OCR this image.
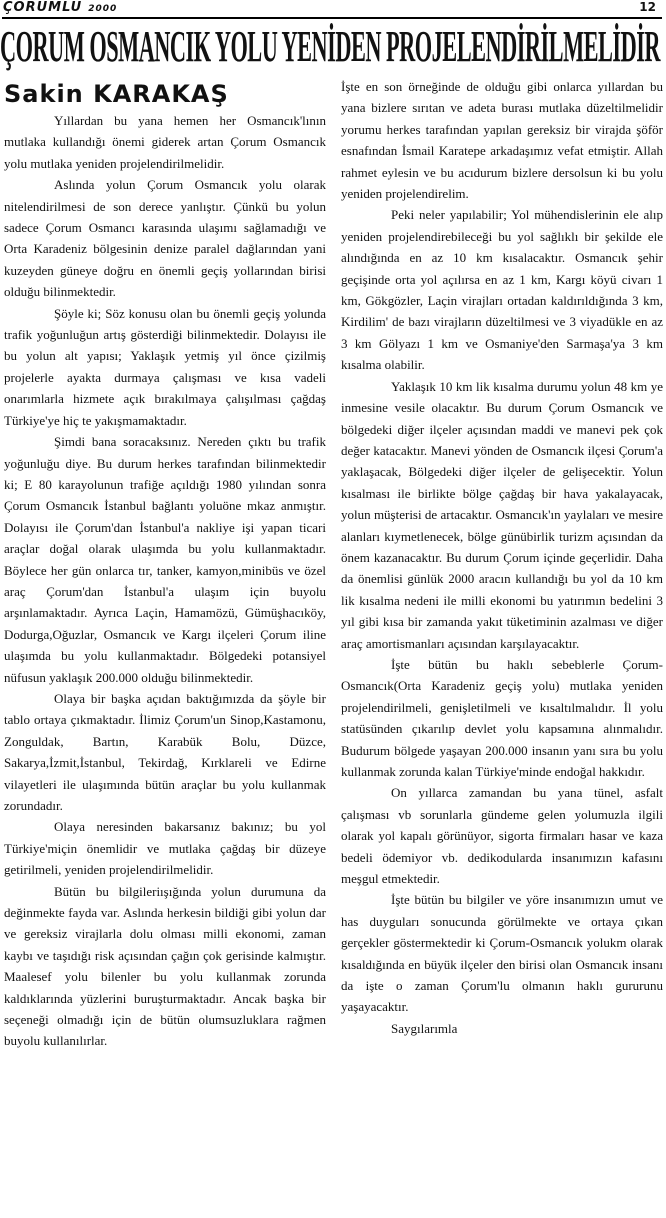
ÇORUMLU 2000	12
ÇORUM OSMANCIK YOLU YENİDEN PROJELENDİRİLMELİDİR
Sakin KARAKAŞ

Yıllardan bu yana hemen her Osmancık'lının mutlaka kullandığı önemi giderek artan Çorum Osmancık yolu mutlaka yeniden projelendirilmelidir.

Aslında yolun Çorum Osmancık yolu olarak nitelendirilmesi de son derece yanlıştır. Çünkü bu yolun sadece Çorum Osmancı karasında ulaşımı sağlamadığı ve Orta Karadeniz bölgesinin denize paralel dağlarından yani kuzeyden güneye doğru en önemli geçiş yollarından birisi olduğu bilinmektedir.

Şöyle ki; Söz konusu olan bu önemli geçiş yolunda trafik yoğunluğun artış gösterdiği bilinmektedir. Dolayısı ile bu yolun alt yapısı; Yaklaşık yetmiş yıl önce çizilmiş projelerle ayakta durmaya çalışması ve kısa vadeli onarımlarla hizmete açık bırakılmaya çalışılması çağdaş Türkiye'ye hiç te yakışmamaktadır.

Şimdi bana soracaksınız. Nereden çıktı bu trafik yoğunluğu diye. Bu durum herkes tarafından bilinmektedir ki; E 80 karayolunun trafiğe açıldığı 1980 yılından sonra Çorum Osmancık İstanbul bağlantı yoluöne mkaz anmıştır. Dolayısı ile Çorum'dan İstanbul'a nakliye işi yapan ticari araçlar doğal olarak ulaşımda bu yolu kullanmaktadır. Böylece her gün onlarca tır, tanker, kamyon,minibüs ve özel araç Çorum'dan İstanbul'a ulaşım için buyolu arşınlamaktadır. Ayrıca Laçin, Hamamözü, Gümüşhacıköy, Dodurga,Oğuzlar, Osmancık ve Kargı ilçeleri Çorum iline ulaşımda bu yolu kullanmaktadır. Bölgedeki potansiyel nüfusun yaklaşık 200.000 olduğu bilinmektedir.

Olaya bir başka açıdan baktığımızda da şöyle bir tablo ortaya çıkmaktadır. İlimiz Çorum'un Sinop,Kastamonu, Zonguldak, Bartın, Karabük Bolu, Düzce, Sakarya,İzmit,İstanbul, Tekirdağ, Kırklareli ve Edirne vilayetleri ile ulaşımında bütün araçlar bu yolu kullanmak zorundadır.

Olaya neresinden bakarsanız bakınız; bu yol Türkiye'miçin önemlidir ve mutlaka çağdaş bir düzeye getirilmeli, yeniden projelendirilmelidir.

Bütün bu bilgileriışığında yolun durumuna da değinmekte fayda var. Aslında herkesin bildiği gibi yolun dar ve gereksiz virajlarla dolu olması milli ekonomi, zaman kaybı ve taşıdığı risk açısından çağın çok gerisinde kalmıştır. Maalesef yolu bilenler bu yolu kullanmak zorunda kaldıklarında yüzlerini buruşturmaktadır. Ancak başka bir seçeneği olmadığı için de bütün olumsuzluklara rağmen buyolu kullanılırlar.

İşte en son örneğinde de olduğu gibi onlarca yıllardan bu yana bizlere sırıtan ve adeta burası mutlaka düzeltilmelidir yorumu herkes tarafından yapılan gereksiz bir virajda şöför esnafından İsmail Karatepe arkadaşımız vefat etmiştir. Allah rahmet eylesin ve bu acıdurum bizlere dersolsun ki bu yolu yeniden projelendirelim.

Peki neler yapılabilir; Yol mühendislerinin ele alıp yeniden projelendirebileceği bu yol sağlıklı bir şekilde ele alındığında en az 10 km kısalacaktır. Osmancık şehir geçişinde orta yol açılırsa en az 1 km, Kargı köyü civarı 1 km, Gökgözler, Laçin virajları ortadan kaldırıldığında 3 km, Kirdilim' de bazı virajların düzeltilmesi ve 3 viyadükle en az 3 km Gölyazı 1 km ve Osmaniye'den Sarmaşa'ya 3 km kısalma olabilir.

Yaklaşık 10 km lik kısalma durumu yolun 48 km ye inmesine vesile olacaktır. Bu durum Çorum Osmancık ve bölgedeki diğer ilçeler açısından maddi ve manevi pek çok değer katacaktır. Manevi yönden de Osmancık ilçesi Çorum'a yaklaşacak, Bölgedeki diğer ilçeler de gelişecektir. Yolun kısalması ile birlikte bölge çağdaş bir hava yakalayacak, yolun müşterisi de artacaktır. Osmancık'ın yaylaları ve mesire alanları kıymetlenecek, bölge günübirlik turizm açısından da önem kazanacaktır. Bu durum Çorum içinde geçerlidir. Daha da önemlisi günlük 2000 aracın kullandığı bu yol da 10 km lik kısalma nedeni ile milli ekonomi bu yatırımın bedelini 3 yıl gibi kısa bir zamanda yakıt tüketiminin azalması ve diğer araç amortismanları açısından karşılayacaktır.

İşte bütün bu haklı sebeblerle Çorum-Osmancık(Orta Karadeniz geçiş yolu) mutlaka yeniden projelendirilmeli, genişletilmeli ve kısaltılmalıdır. İl yolu statüsünden çıkarılıp devlet yolu kapsamına alınmalıdır. Budurum bölgede yaşayan 200.000 insanın yanı sıra bu yolu kullanmak zorunda kalan Türkiye'minde endoğal hakkıdır.

On yıllarca zamandan bu yana tünel, asfalt çalışması vb sorunlarla gündeme gelen yolumuzla ilgili olarak yol kapalı görünüyor, sigorta firmaları hasar ve kaza bedeli ödemiyor vb. dedikodularda insanımızın kafasını meşgul etmektedir.

İşte bütün bu bilgiler ve yöre insanımızın umut ve has duyguları sonucunda görülmekte ve ortaya çıkan gerçekler göstermektedir ki Çorum-Osmancık yolukm olarak kısaldığında en büyük ilçeler den birisi olan Osmancık insanı da işte o zaman Çorum'lu olmanın haklı gururunu yaşayacaktır.

Saygılarımla
